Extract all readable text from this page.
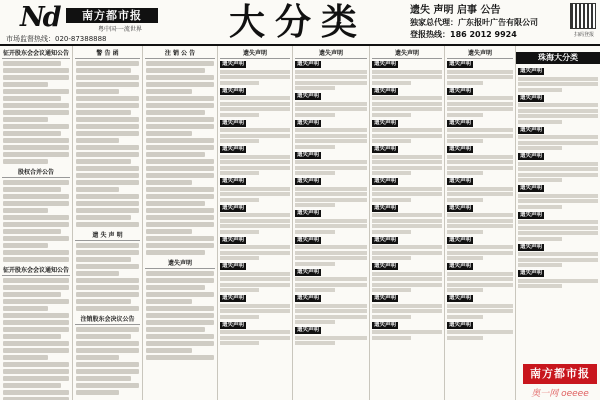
Nd	南方都市报
粤中国·一流世界
市场监督热线：020-87388888	大分类	遗失 声明 启事 公告
独家总代理：广东报叶广告有限公司
登报热线：186 2012 9924	扫码登报
征开股东会会议通知公告
股权合并公告
征开股东会会议通知公告
警 告 函
遗 失 声 明
注销股东会决议公告
注 销 公 告
遗失声明
遗失声明
遗失声明
遗失声明
遗失声明
遗失声明
遗失声明
遗失声明
遗失声明
遗失声明
遗失声明
遗失声明
遗失声明
遗失声明
遗失声明
遗失声明
遗失声明
遗失声明
遗失声明
遗失声明
遗失声明
遗失声明
遗失声明
遗失声明
遗失声明
遗失声明
遗失声明
遗失声明
遗失声明
遗失声明
遗失声明
遗失声明
遗失声明
遗失声明
遗失声明
遗失声明
遗失声明
遗失声明
遗失声明
遗失声明
遗失声明
遗失声明
遗失声明
遗失声明
遗失声明
遗失声明
遗失声明
遗失声明
遗失声明
遗失声明
遗失声明
遗失声明
遗失声明
珠海大分类
南方都市报
奥一网 oeeee
